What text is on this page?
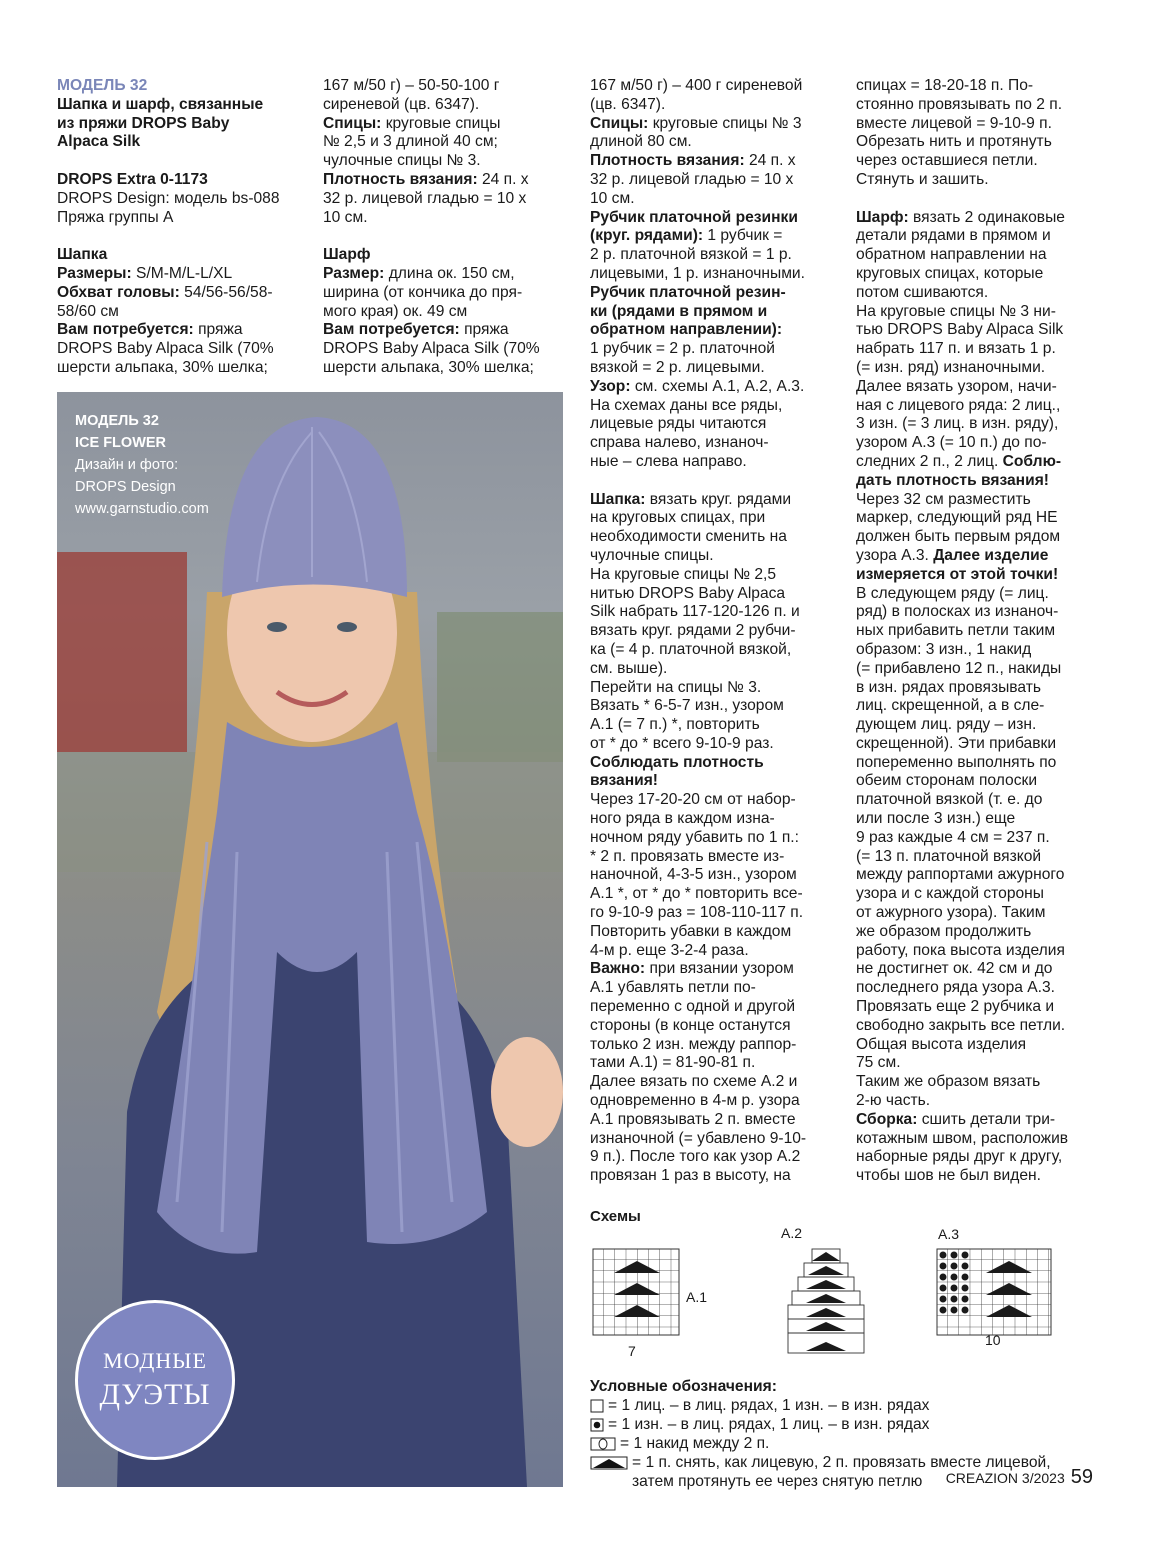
МОДЕЛЬ 32

Шапка и шарф, связанные

из пряжи DROPS Baby

Alpaca Silk

DROPS Extra 0-1173

DROPS Design: модель bs-088

Пряжа группы А

Шапка

Размеры: S/M-M/L-L/XL

Обхват головы: 54/56-56/58-

58/60 см

Вам потребуется: пряжа

DROPS Baby Alpaca Silk (70%

шерсти альпака, 30% шелка;

167 м/50 г) – 50-50-100 г

сиреневой (цв. 6347).

Спицы: круговые спицы

№ 2,5 и 3 длиной 40 см;

чулочные спицы № 3.

Плотность вязания: 24 п. х

32 р. лицевой гладью = 10 х

10 см.

Шарф

Размер: длина ок. 150 см,

ширина (от кончика до пря-

мого края) ок. 49 см

Вам потребуется: пряжа

DROPS Baby Alpaca Silk (70%

шерсти альпака, 30% шелка;

167 м/50 г) – 400 г сиреневой

(цв. 6347).

Спицы: круговые спицы № 3

длиной 80 см.

Плотность вязания: 24 п. х

32 р. лицевой гладью = 10 х

10 см.

Рубчик платочной резинки

(круг. рядами): 1 рубчик =

2 р. платочной вязкой = 1 р.

лицевыми, 1 р. изнаночными.

Рубчик платочной резин-

ки (рядами в прямом и

обратном направлении):

1 рубчик = 2 р. платочной

вязкой = 2 р. лицевыми.

Узор: см. схемы А.1, А.2, А.3.

На схемах даны все ряды,

лицевые ряды читаются

справа налево, изнаноч-

ные – слева направо.

Шапка: вязать круг. рядами

на круговых спицах, при

необходимости сменить на

чулочные спицы.

На круговые спицы № 2,5

нитью DROPS Baby Alpaca

Silk набрать 117-120-126 п. и

вязать круг. рядами 2 рубчи-

ка (= 4 р. платочной вязкой,

см. выше).

Перейти на спицы № 3.

Вязать * 6-5-7 изн., узором

А.1 (= 7 п.) *, повторить

от * до * всего 9-10-9 раз.

Соблюдать плотность

вязания!

Через 17-20-20 см от набор-

ного ряда в каждом изна-

ночном ряду убавить по 1 п.:

* 2 п. провязать вместе из-

наночной, 4-3-5 изн., узором

А.1 *, от * до * повторить все-

го 9-10-9 раз = 108-110-117 п.

Повторить убавки в каждом

4-м р. еще 3-2-4 раза.

Важно: при вязании узором

А.1 убавлять петли по-

переменно с одной и другой

стороны (в конце останутся

только 2 изн. между раппор-

тами А.1) = 81-90-81 п.

Далее вязать по схеме А.2 и

одновременно в 4-м р. узора

А.1 провязывать 2 п. вместе

изнаночной (= убавлено 9-10-

9 п.). После того как узор А.2

провязан 1 раз в высоту, на

спицах = 18-20-18 п. По-

стоянно провязывать по 2 п.

вместе лицевой = 9-10-9 п.

Обрезать нить и протянуть

через оставшиеся петли.

Стянуть и зашить.

Шарф: вязать 2 одинаковые

детали рядами в прямом и

обратном направлении на

круговых спицах, которые

потом сшиваются.

На круговые спицы № 3 ни-

тью DROPS Baby Alpaca Silk

набрать 117 п. и вязать 1 р.

(= изн. ряд) изнаночными.

Далее вязать узором, начи-

ная с лицевого ряда: 2 лиц.,

3 изн. (= 3 лиц. в изн. ряду),

узором А.3 (= 10 п.) до по-

следних 2 п., 2 лиц. Соблю-

дать плотность вязания!

Через 32 см разместить

маркер, следующий ряд НЕ

должен быть первым рядом

узора А.3. Далее изделие

измеряется от этой точки!

В следующем ряду (= лиц.

ряд) в полосках из изнаноч-

ных прибавить петли таким

образом: 3 изн., 1 накид

(= прибавлено 12 п., накиды

в изн. рядах провязывать

лиц. скрещенной, а в сле-

дующем лиц. ряду – изн.

скрещенной). Эти прибавки

попеременно выполнять по

обеим сторонам полоски

платочной вязкой (т. е. до

или после 3 изн.) еще

9 раз каждые 4 см = 237 п.

(= 13 п. платочной вязкой

между раппортами ажурного

узора и с каждой стороны

от ажурного узора). Таким

же образом продолжить

работу, пока высота изделия

не достигнет ок. 42 см и до

последнего ряда узора А.3.

Провязать еще 2 рубчика и

свободно закрыть все петли.

Общая высота изделия

75 см.

Таким же образом вязать

2-ю часть.

Сборка: сшить детали три-

котажным швом, расположив

наборные ряды друг к другу,

чтобы шов не был виден.

МОДЕЛЬ 32
ICE FLOWER
Дизайн и фото:
DROPS Design
www.garnstudio.com
МОДНЫЕ
ДУЭТЫ
Схемы
А.1
7
А.2	А.3
10
Условные обозначения:
= 1 лиц. – в лиц. рядах, 1 изн. – в изн. рядах
= 1 изн. – в лиц. рядах, 1 лиц. – в изн. рядах
= 1 накид между 2 п.
= 1 п. снять, как лицевую, 2 п. провязать вместе лицевой,
затем протянуть ее через снятую петлю	CREAZION 3/2023 59
